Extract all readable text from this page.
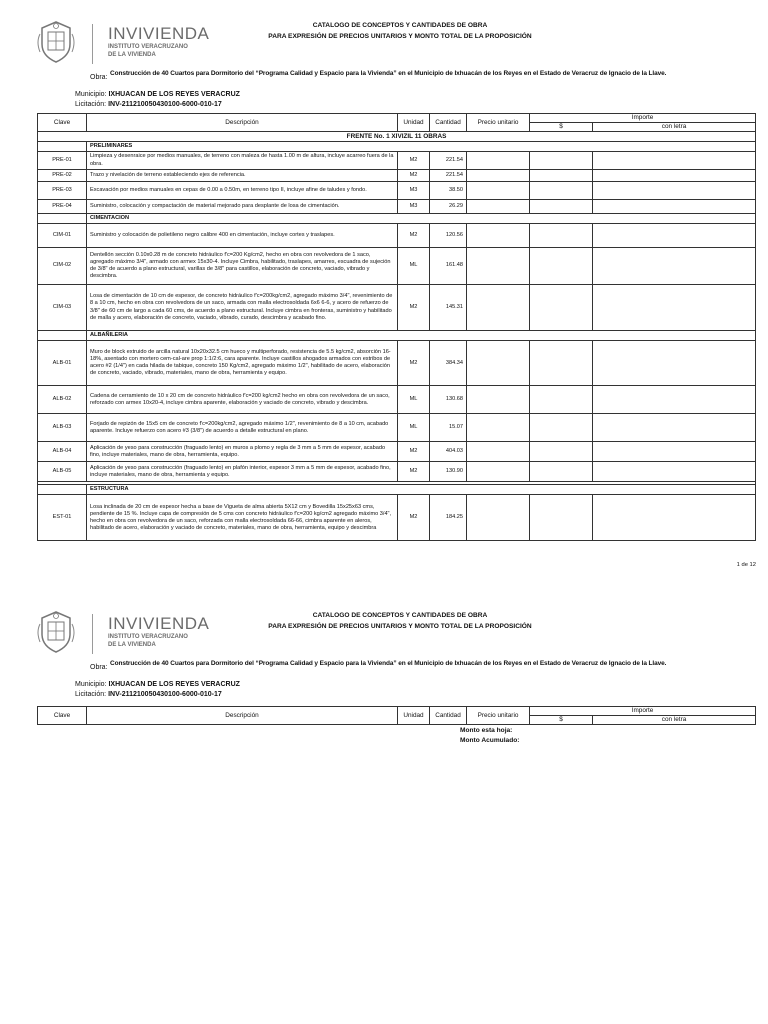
INVIVIENDA
INSTITUTO VERACRUZANO
DE LA VIVIENDA
CATALOGO DE CONCEPTOS Y CANTIDADES DE OBRA
PARA EXPRESIÓN DE PRECIOS UNITARIOS Y MONTO TOTAL DE LA PROPOSICIÓN
Obra:
Construcción de 40 Cuartos para Dormitorio del “Programa Calidad y Espacio para la Vivienda” en el Municipio de Ixhuacán de los Reyes en el Estado de Veracruz de Ignacio de la Llave.
Municipio: IXHUACAN DE LOS REYES VERACRUZ
Licitación: INV-211210050430100-6000-010-17
Clave	Descripción	Unidad	Cantidad	Precio unitario	Importe	
					$	con letra
FRENTE No. 1 XIVIZIL 11 OBRAS						
	PRELIMINARES					
PRE-01	Limpieza y desenraice por medios manuales, de terreno con maleza de hasta 1.00 m de altura, incluye acarreo fuera de la obra.	M2	221.54			
PRE-02	Trazo y nivelación de terreno estableciendo ejes de referencia.	M2	221.54			
PRE-03	Excavación por medios manuales en cepas de 0.00 a 0.50m, en terreno tipo II, incluye afine de taludes y fondo.	M3	38.50			
PRE-04	Suministro, colocación y compactación de material mejorado para desplante de losa de cimentación.	M3	26.29			
	CIMENTACION					
CIM-01	Suministro y colocación de polietileno negro calibre 400 en cimentación, incluye cortes y traslapes.	M2	120.56			
CIM-02	Dentellón sección 0.10x0.28 m de concreto hidráulico f'c=200 Kg/cm2, hecho en obra con revolvedora de 1 saco, agregado máximo 3/4", armado con armex 15x30-4. Incluye Cimbra, habilitado, traslapes, amarres, escuadra de sujeción de 3/8" de acuerdo a plano estructural, varillas de 3/8" para castillos, elaboración de concreto, vaciado, vibrado y descimbra.	ML	161.48			
CIM-03	Losa de cimentación de 10 cm de espesor, de concreto hidráulico f'c=200kg/cm2, agregado máximo 3/4", revenimiento de 8 a 10 cm, hecho en obra con revolvedora de un saco, armada con malla electrosoldada 6x6 6-6, y acero de refuerzo de 3/8" de 60 cm de largo a cada 60 cms, de acuerdo a plano estructural. Incluye cimbra en fronteras, suministro y habilitado de malla y acero, elaboración de concreto, vaciado, vibrado, curado, descimbra y acabado fino.	M2	145.31			
	ALBAÑILERIA					
ALB-01	Muro de block extruido de arcilla natural 10x20x32.5 cm hueco y multiperforado, resistencia de 5.5 kg/cm2, absorción 16-18%, asentado con mortero cem-cal-are prop 1:1/2:6, cara aparente. Incluye castillos ahogados armados con estribos de acero #2 (1/4") en cada hilada de tabique, concreto 150 Kg/cm2, agregado máximo 1/2", habilitado de acero, elaboración de concreto, vaciado, vibrado, materiales, mano de obra, herramienta y equipo.	M2	384.34			
ALB-02	Cadena de cerramiento de 10 x 20 cm de concreto hidráulico f'c=200 kg/cm2 hecho en obra con revolvedora de un saco, reforzado con armex 10x20-4, incluye cimbra aparente, elaboración y vaciado de concreto, vibrado y descimbra.	ML	130.68			
ALB-03	Forjado de repizón de 15x5 cm de concreto f'c=200kg/cm2, agregado máximo 1/2", revenimiento de 8 a 10 cm, acabado aparente. Incluye refuerzo con acero #3 (3/8") de acuerdo a detalle estructural en plano.	ML	15.07			
ALB-04	Aplicación de yeso para construcción (fraguado lento) en muros a plomo y regla de 3 mm a 5 mm de espesor, acabado fino, incluye materiales, mano de obra, herramienta, equipo.	M2	404.03			
ALB-05	Aplicación de yeso para construcción (fraguado lento) en plafón interior, espesor 3 mm a 5 mm de espesor, acabado fino, incluye materiales, mano de obra, herramienta y equipo.	M2	130.90			

	ESTRUCTURA					
EST-01	Losa inclinada de 20 cm de espesor hecha a base de Vigueta de alma abierta 5X12 cm y Bovedilla 15x25x63 cms, pendiente de 15 %. Incluye capa de compresión de 5 cms con concreto hidráulico f'c=200 kg/cm2 agregado máximo 3/4", hecho en obra con revolvedora de un saco, reforzada con malla electrosoldada 66-66, cimbra aparente en aleros, habilitado de acero, elaboración y vaciado de concreto, materiales, mano de obra, herramienta, equipo y descimbra	M2	184.25			
1 de 12
INVIVIENDA
INSTITUTO VERACRUZANO
DE LA VIVIENDA
CATALOGO DE CONCEPTOS Y CANTIDADES DE OBRA
PARA EXPRESIÓN DE PRECIOS UNITARIOS Y MONTO TOTAL DE LA PROPOSICIÓN
Obra:
Construcción de 40 Cuartos para Dormitorio del “Programa Calidad y Espacio para la Vivienda” en el Municipio de Ixhuacán de los Reyes en el Estado de Veracruz de Ignacio de la Llave.
Municipio: IXHUACAN DE LOS REYES VERACRUZ
Licitación: INV-211210050430100-6000-010-17
Clave	Descripción	Unidad	Cantidad	Precio unitario	Importe	
					$	con letra
Monto esta hoja:
Monto Acumulado:
